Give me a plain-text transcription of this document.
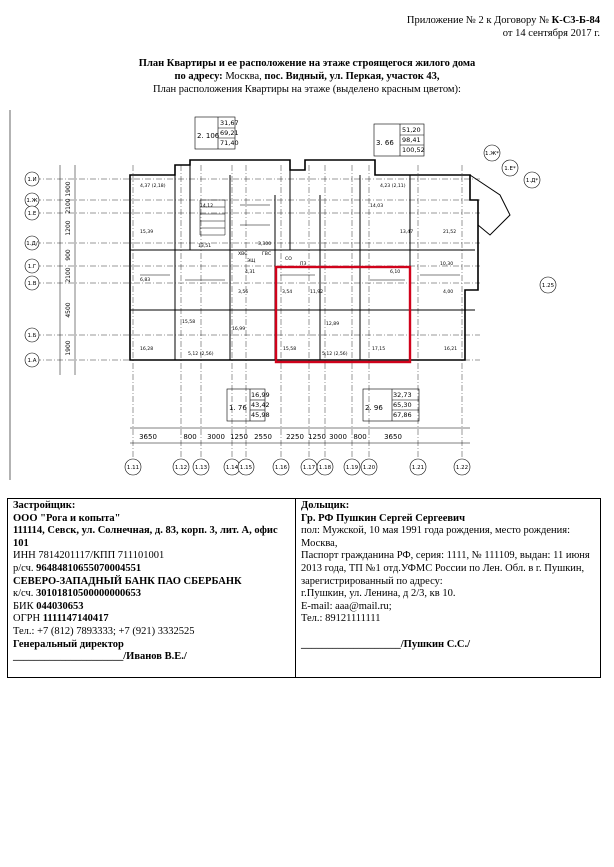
Приложение № 2 к Договору № К-С3-Б-84
от 14 сентября 2017 г.
План Квартиры и ее расположение на этаже строящегося жилого дома
по адресу: Москва, пос. Видный, ул. Перкая, участок 43,
План расположения Квартиры на этаже (выделено красным цветом):
2. 106
31,67
69,21
71,40	3. 66
51,20
98,41
100,52
1. 76
16,99
43,42
45,98
2. 96
32,73
65,30
67,86
1.И
1.Ж
1.Е
1.Д/
1.Г
1.В
1.Б
1.А
1.11	1.12 1.13	1.14 1.15	1.16	1.17 1.18	1.19 1.20	1.21	1.22
1.Ж*
1.Е*
1.Д*
1.25
3650	800 3000 1250 2550 2250 1250 3000 800 3650
1900
2100
1200
900
2100
4500
1900
4,37 (2,18)
14,12
15,39
6,83
3,56
15,58
16,28
5,12 (2,56)
16,99
3,300
13,51
ХВС	ГВС
4,31
3,54	11,92
12,89
5,12 (2,56)
15,58
14,03
13,47	21,52
10,30
6,10
17,15	16,21
4,00
4,23 (2,11)
СО
ЭЩ
ПЗ
Застройщик:
ООО "Рога и копыта"
111114, Севск, ул. Солнечная, д. 83, корп. 3, лит. А, офис 101
ИНН 7814201117/КПП 711101001
р/сч. 96484810655070004551
СЕВЕРО-ЗАПАДНЫЙ БАНК ПАО СБЕРБАНК
к/сч. 30101810500000000653
БИК 044030653
ОГРН 1111147140417
Тел.: +7 (812) 7893333; +7 (921) 3332525
Генеральный директор
_____________________/Иванов В.Е./

Дольщик:
Гр. РФ Пушкин Сергей Сергеевич
пол: Мужской, 10 мая 1991 года рождения, место рождения: Москва,
Паспорт гражданина РФ, серия: 1111, № 111109, выдан: 11 июня 2013 года, ТП №1 отд.УФМС России по Лен. Обл. в г. Пушкин,
зарегистрированный по адресу:
г.Пушкин, ул. Ленина, д 2/3, кв 10.
E-mail: aaa@mail.ru;
Тел.: 89121111111

___________________/Пушкин С.С./
